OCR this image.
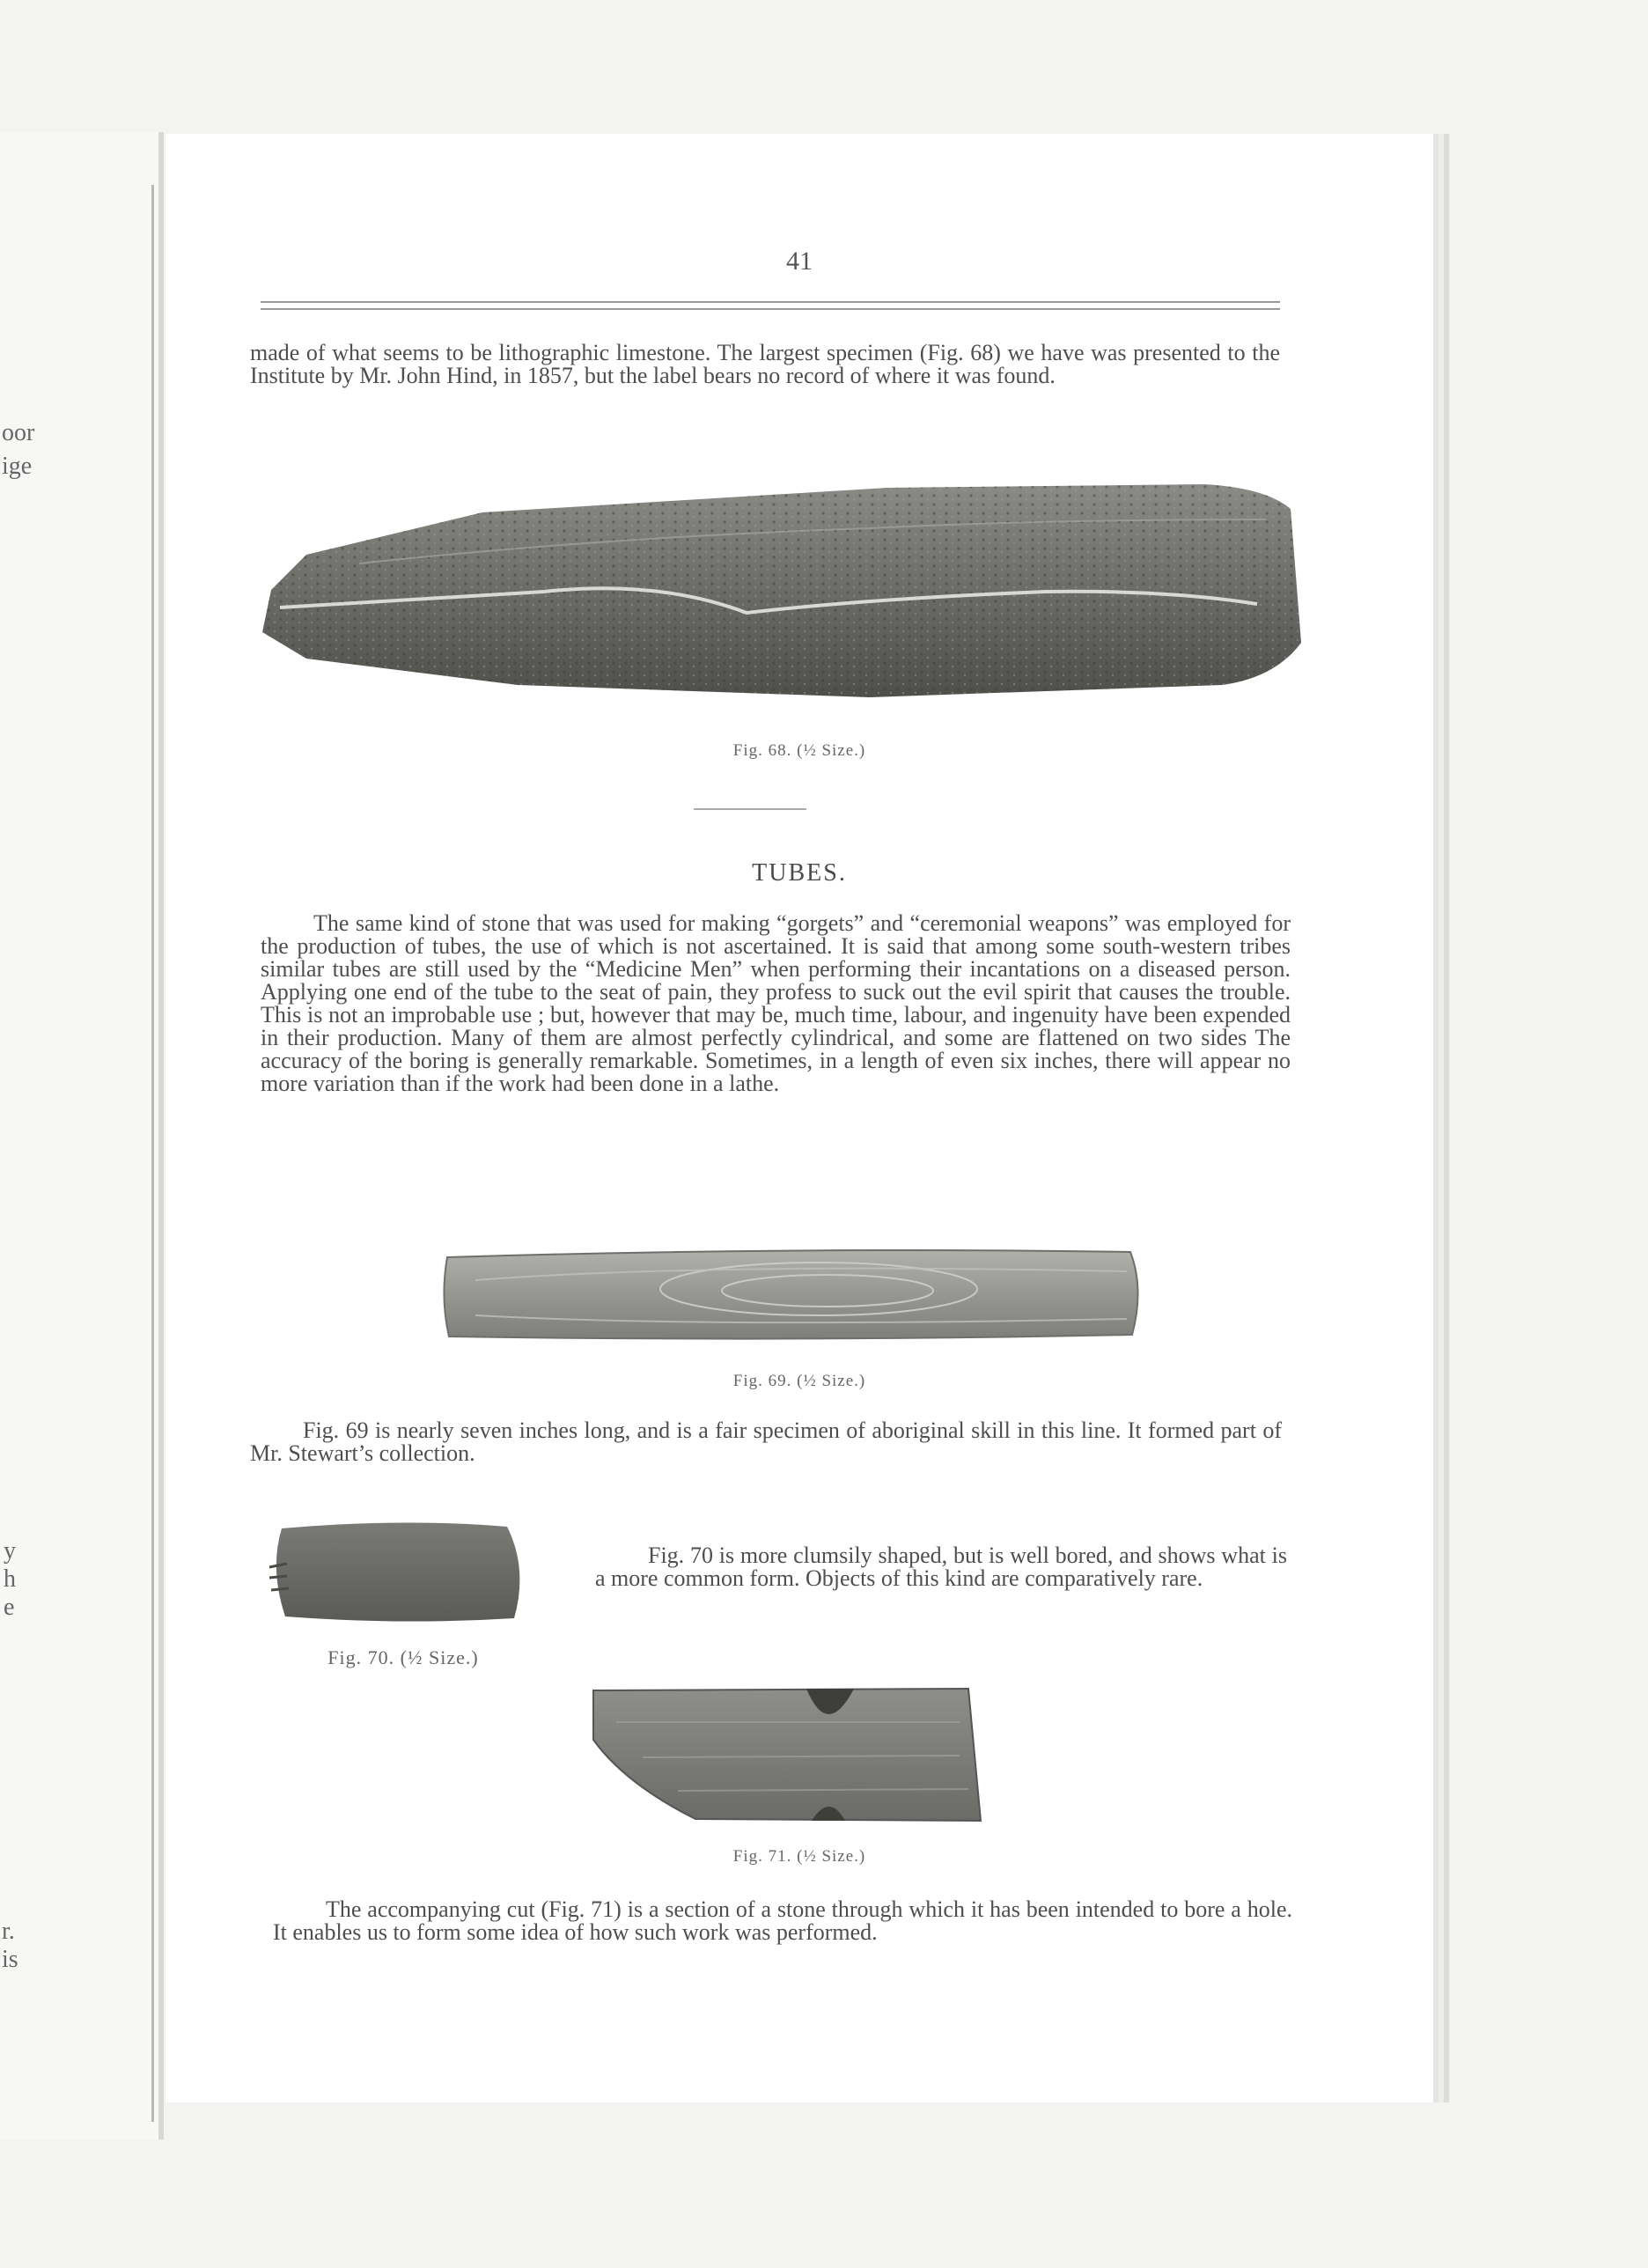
oor
ige
y
h
e
r.
is
41

made of what seems to be lithographic limestone. The largest specimen (Fig. 68) we have was presented to the Institute by Mr. John Hind, in 1857, but the label bears no record of where it was found.

Fig. 68. (½ Size.)
TUBES.

The same kind of stone that was used for making “gorgets” and “ceremonial weapons” was employed for the production of tubes, the use of which is not ascertained. It is said that among some south-western tribes similar tubes are still used by the “Medicine Men” when performing their incantations on a diseased person. Applying one end of the tube to the seat of pain, they profess to suck out the evil spirit that causes the trouble. This is not an improbable use ; but, however that may be, much time, labour, and ingenuity have been expended in their production. Many of them are almost perfectly cylindrical, and some are flattened on two sides The accuracy of the boring is generally remarkable. Sometimes, in a length of even six inches, there will appear no more variation than if the work had been done in a lathe.

Fig. 69. (½ Size.)

Fig. 69 is nearly seven inches long, and is a fair specimen of aboriginal skill in this line. It formed part of Mr. Stewart’s collection.

Fig. 70. (½ Size.)

Fig. 70 is more clumsily shaped, but is well bored, and shows what is a more common form. Objects of this kind are comparatively rare.

Fig. 71. (½ Size.)

The accompanying cut (Fig. 71) is a section of a stone through which it has been intended to bore a hole. It enables us to form some idea of how such work was performed.
